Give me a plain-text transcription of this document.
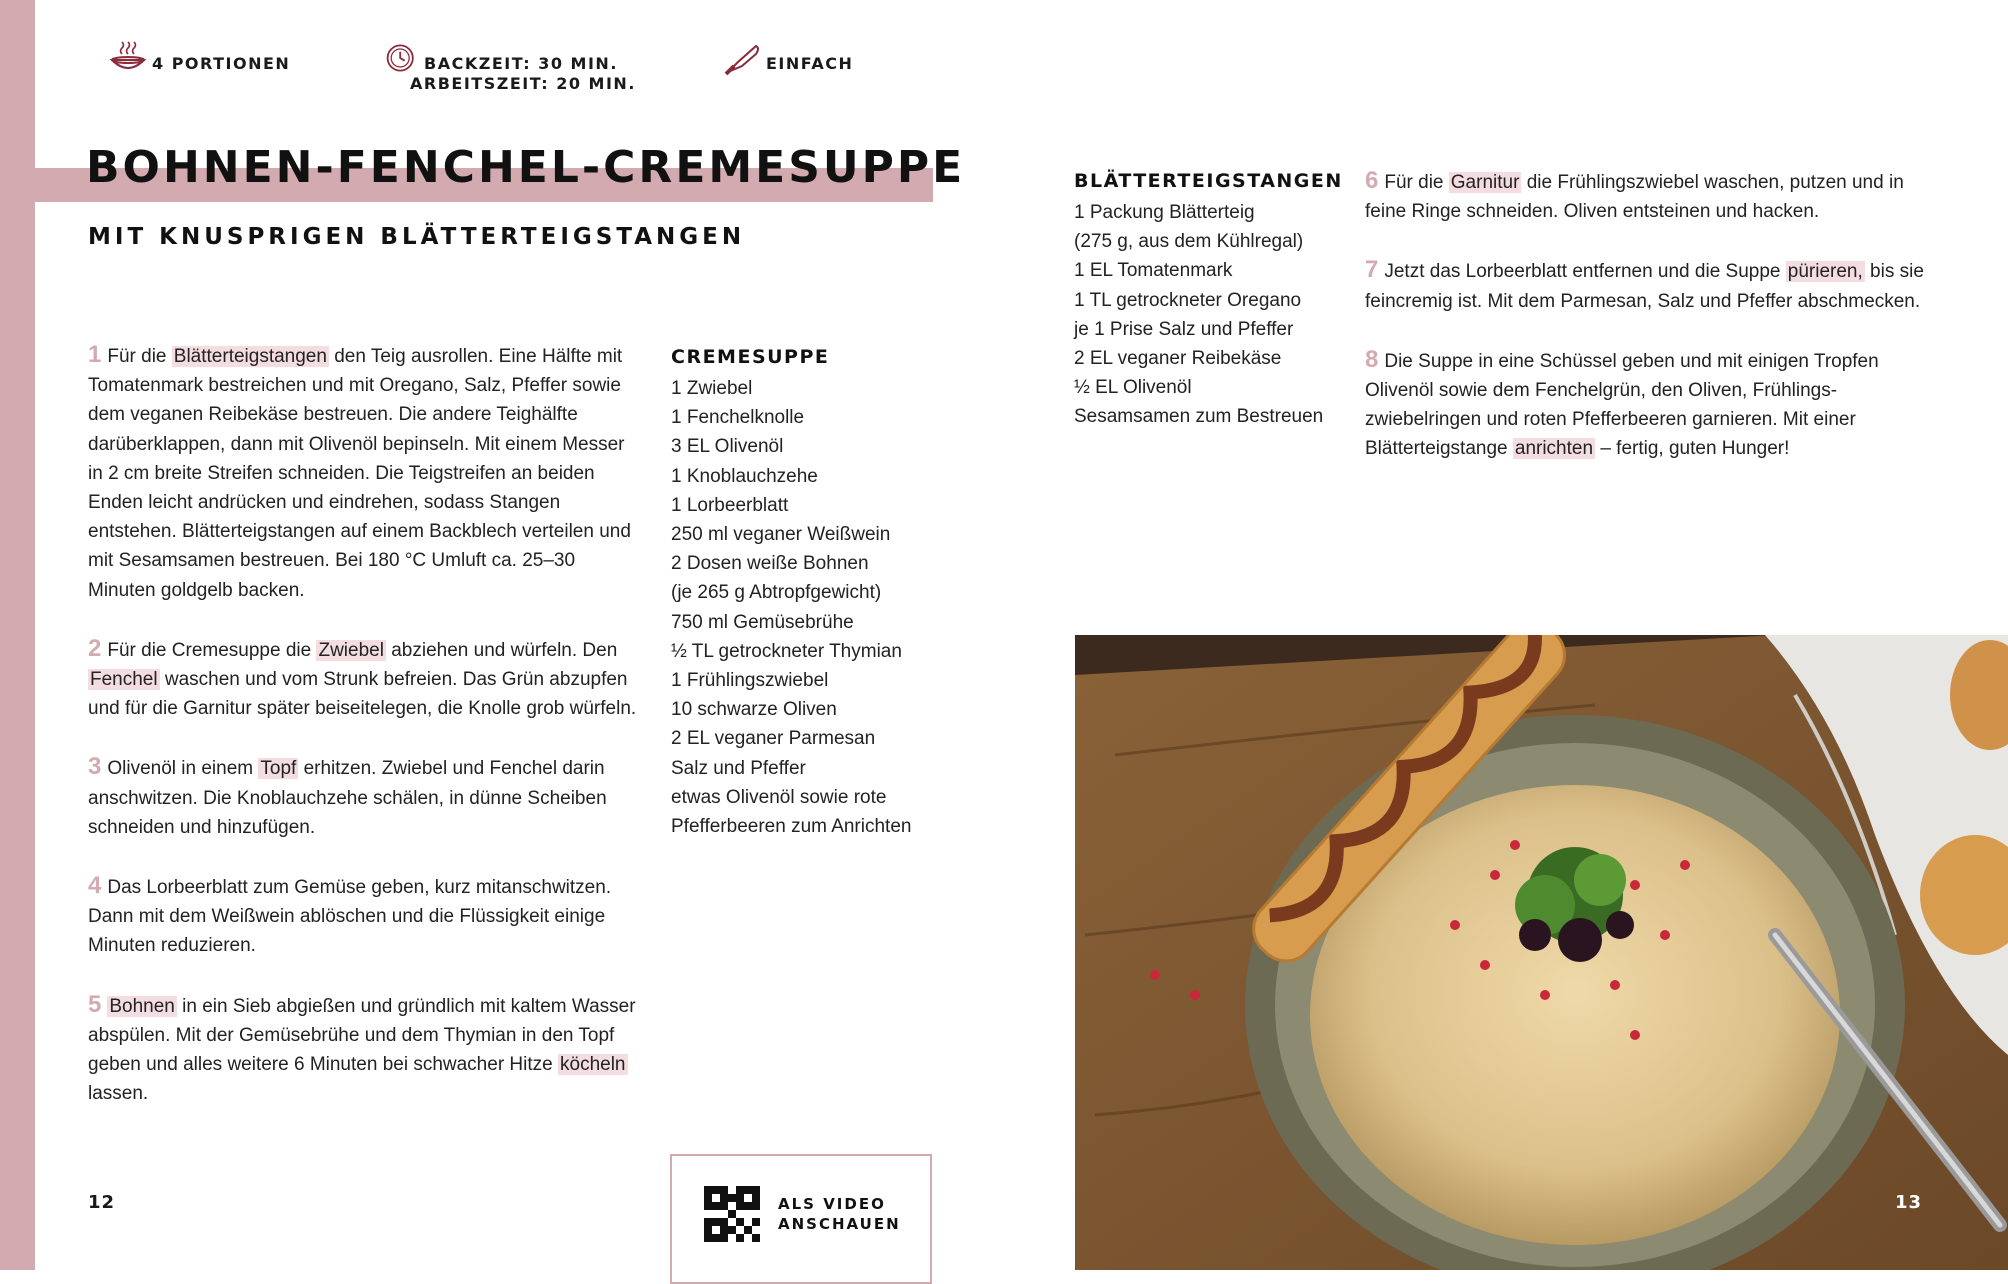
4 PORTIONEN	BACKZEIT: 30 MIN.
ARBEITSZEIT: 20 MIN.
EINFACH
BOHNEN-FENCHEL-CREMESUPPE
MIT KNUSPRIGEN BLÄTTERTEIGSTANGEN

1 Für die Blätterteigstangen den Teig ausrollen. Eine Hälfte mit Tomatenmark bestreichen und mit Oregano, Salz, Pfeffer sowie dem veganen Reibekäse bestreuen. Die andere Teighälfte darüberklappen, dann mit Olivenöl bepinseln. Mit einem Messer in 2 cm breite Streifen schneiden. Die Teigstreifen an beiden Enden leicht andrücken und eindrehen, sodass Stangen entstehen. Blätterteigstangen auf einem Backblech verteilen und mit Sesamsamen bestreuen. Bei 180 °C Umluft ca. 25–30 Minuten goldgelb backen.

2 Für die Cremesuppe die Zwiebel abziehen und würfeln. Den Fenchel waschen und vom Strunk befreien. Das Grün abzupfen und für die Garnitur später beiseitelegen, die Knolle grob würfeln.

3 Olivenöl in einem Topf erhitzen. Zwiebel und Fenchel darin anschwitzen. Die Knoblauchzehe schälen, in dünne Scheiben schneiden und hinzufügen.

4 Das Lorbeerblatt zum Gemüse geben, kurz mitanschwitzen. Dann mit dem Weißwein ablöschen und die Flüssigkeit einige Minuten reduzieren.

5 Bohnen in ein Sieb abgießen und gründlich mit kaltem Wasser abspülen. Mit der Gemüsebrühe und dem Thymian in den Topf geben und alles weitere 6 Minuten bei schwacher Hitze köcheln lassen.

CREMESUPPE
1 Zwiebel
1 Fenchelknolle
3 EL Olivenöl
1 Knoblauchzehe
1 Lorbeerblatt
250 ml veganer Weißwein
2 Dosen weiße Bohnen
(je 265 g Abtropfgewicht)
750 ml Gemüsebrühe
½ TL getrockneter Thymian
1 Frühlingszwiebel
10 schwarze Oliven
2 EL veganer Parmesan
Salz und Pfeffer
etwas Olivenöl sowie rote
Pfefferbeeren zum Anrichten
BLÄTTERTEIGSTANGEN
1 Packung Blätterteig
(275 g, aus dem Kühlregal)
1 EL Tomatenmark
1 TL getrockneter Oregano
je 1 Prise Salz und Pfeffer
2 EL veganer Reibekäse
½ EL Olivenöl
Sesamsamen zum Bestreuen

6 Für die Garnitur die Frühlingszwiebel waschen, putzen und in feine Ringe schneiden. Oliven entsteinen und hacken.

7 Jetzt das Lorbeerblatt entfernen und die Suppe pürieren, bis sie feincremig ist. Mit dem Parmesan, Salz und Pfeffer abschmecken.

8 Die Suppe in eine Schüssel geben und mit einigen Tropfen Olivenöl sowie dem Fenchelgrün, den Oliven, Frühlingszwiebelringen und roten Pfefferbeeren garnieren. Mit einer Blätterteigstange anrichten – fertig, guten Hunger!

12	13
ALS VIDEO
ANSCHAUEN
